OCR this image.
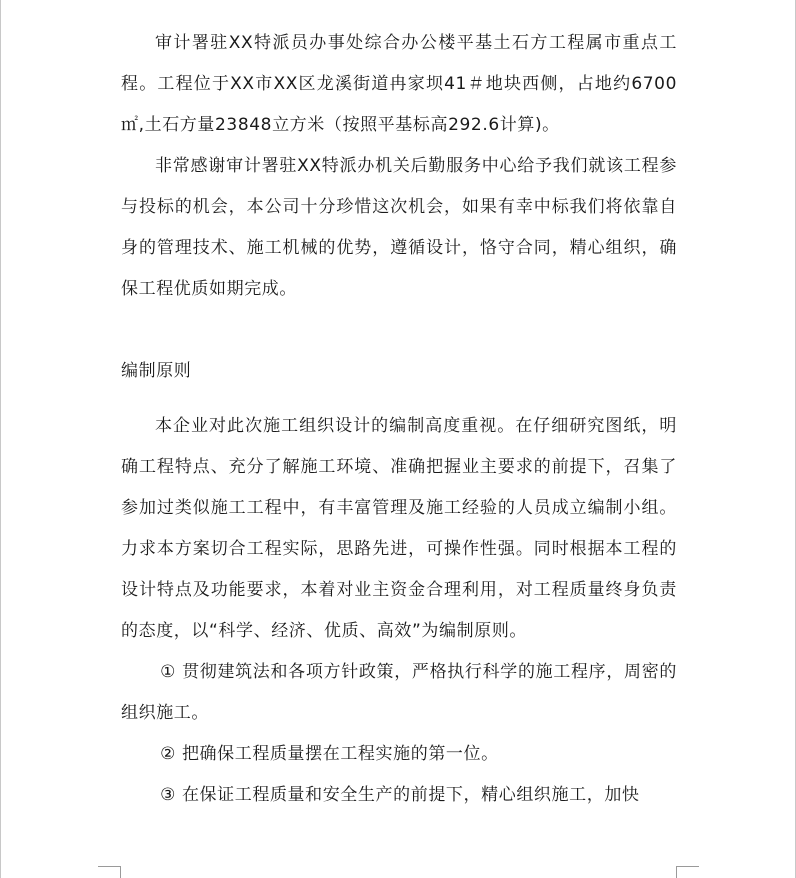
审计署驻XX特派员办事处综合办公楼平基土石方工程属市重点工程。工程位于XX市XX区龙溪街道冉家坝41＃地块西侧，占地约6700㎡,土石方量23848立方米（按照平基标高292.6计算)。

非常感谢审计署驻XX特派办机关后勤服务中心给予我们就该工程参与投标的机会，本公司十分珍惜这次机会，如果有幸中标我们将依靠自身的管理技术、施工机械的优势，遵循设计，恪守合同，精心组织，确保工程优质如期完成。

编制原则

本企业对此次施工组织设计的编制高度重视。在仔细研究图纸，明确工程特点、充分了解施工环境、准确把握业主要求的前提下，召集了参加过类似施工工程中，有丰富管理及施工经验的人员成立编制小组。力求本方案切合工程实际，思路先进，可操作性强。同时根据本工程的设计特点及功能要求，本着对业主资金合理利用，对工程质量终身负责的态度，以“科学、经济、优质、高效”为编制原则。

① 贯彻建筑法和各项方针政策，严格执行科学的施工程序，周密的组织施工。

② 把确保工程质量摆在工程实施的第一位。

③ 在保证工程质量和安全生产的前提下，精心组织施工，加快
